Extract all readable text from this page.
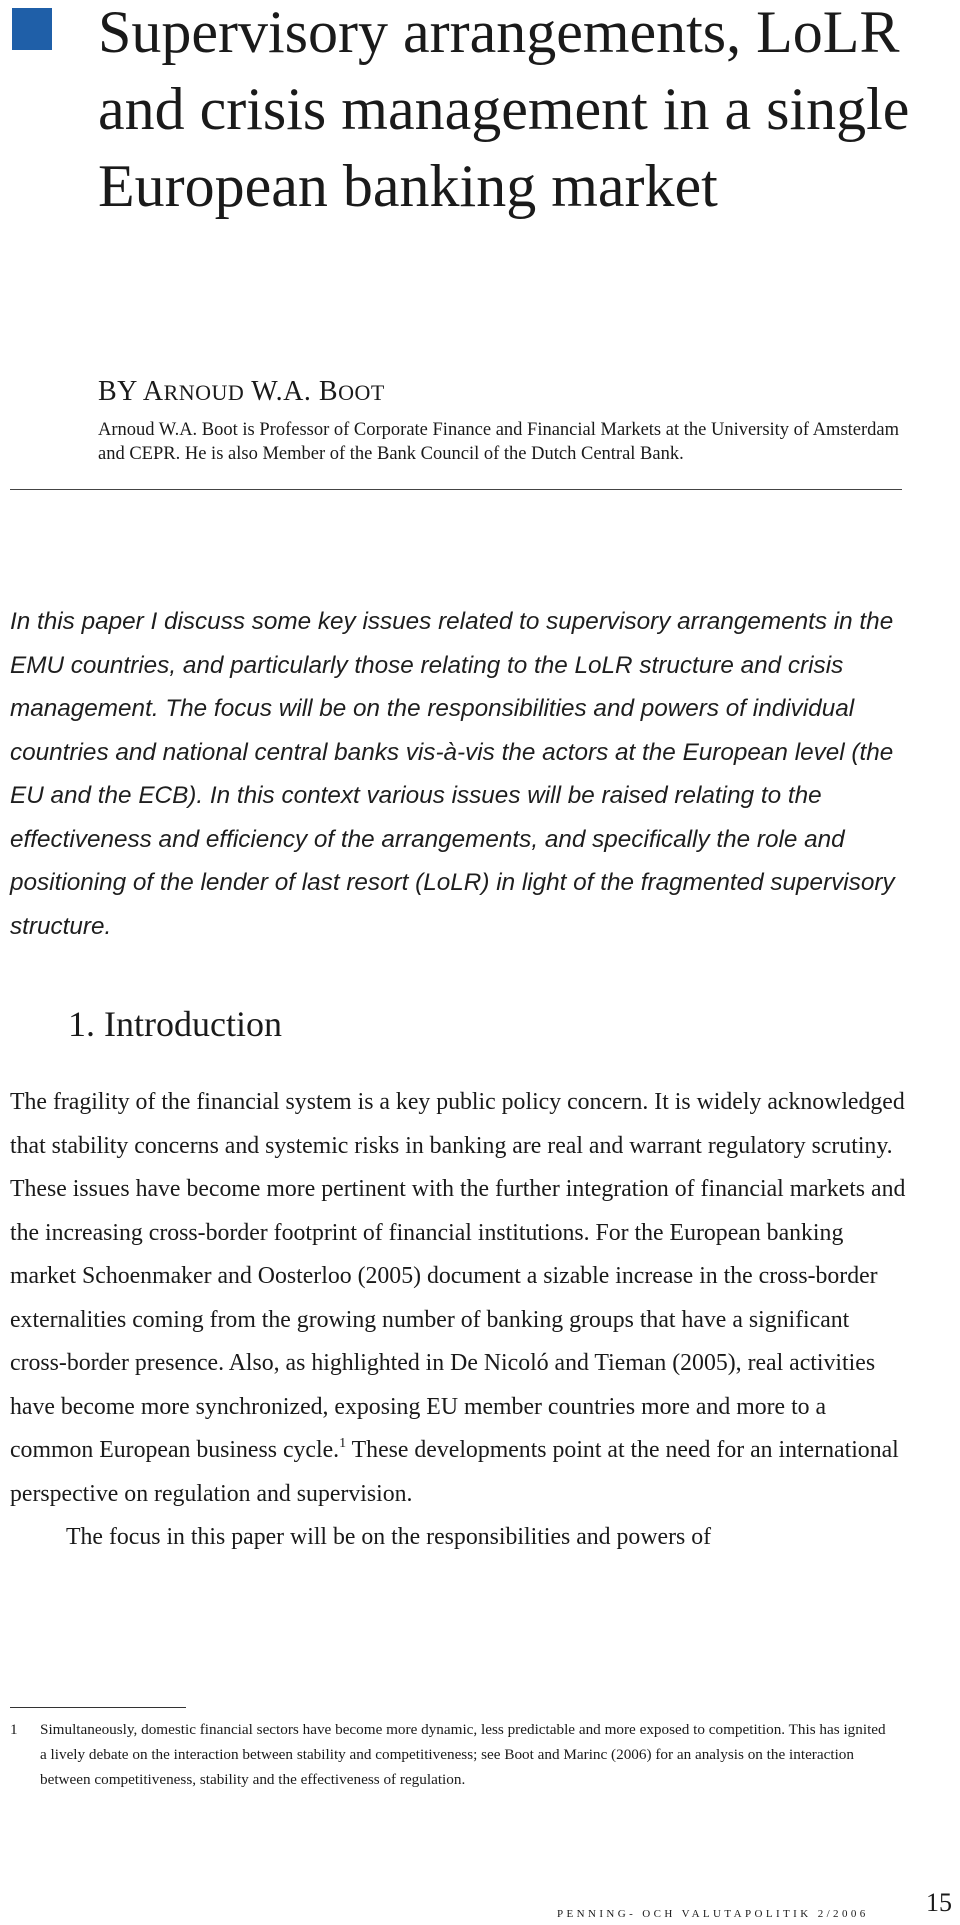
Supervisory arrangements, LoLR and crisis management in a single European banking market
BY ARNOUD W.A. BOOT
Arnoud W.A. Boot is Professor of Corporate Finance and Financial Markets at the University of Amsterdam and CEPR. He is also Member of the Bank Council of the Dutch Central Bank.
In this paper I discuss some key issues related to supervisory arrangements in the EMU countries, and particularly those relating to the LoLR structure and crisis management. The focus will be on the responsibilities and powers of individual countries and national central banks vis-à-vis the actors at the European level (the EU and the ECB). In this context various issues will be raised relating to the effectiveness and efficiency of the arrangements, and specifically the role and positioning of the lender of last resort (LoLR) in light of the fragmented supervisory structure.
1. Introduction

The fragility of the financial system is a key public policy concern. It is widely acknowledged that stability concerns and systemic risks in banking are real and warrant regulatory scrutiny. These issues have become more pertinent with the further integration of financial markets and the increasing cross-border footprint of financial institutions. For the European banking market Schoenmaker and Oosterloo (2005) document a sizable increase in the cross-border externalities coming from the growing number of banking groups that have a significant cross-border presence. Also, as highlighted in De Nicoló and Tieman (2005), real activities have become more synchronized, exposing EU member countries more and more to a common European business cycle.$^1$ These developments point at the need for an international perspective on regulation and supervision.

The focus in this paper will be on the responsibilities and powers of

1 Simultaneously, domestic financial sectors have become more dynamic, less predictable and more exposed to competition. This has ignited a lively debate on the interaction between stability and competitiveness; see Boot and Marinc (2006) for an analysis on the interaction between competitiveness, stability and the effectiveness of regulation.
PENNING- OCH VALUTAPOLITIK 2/2006 15
